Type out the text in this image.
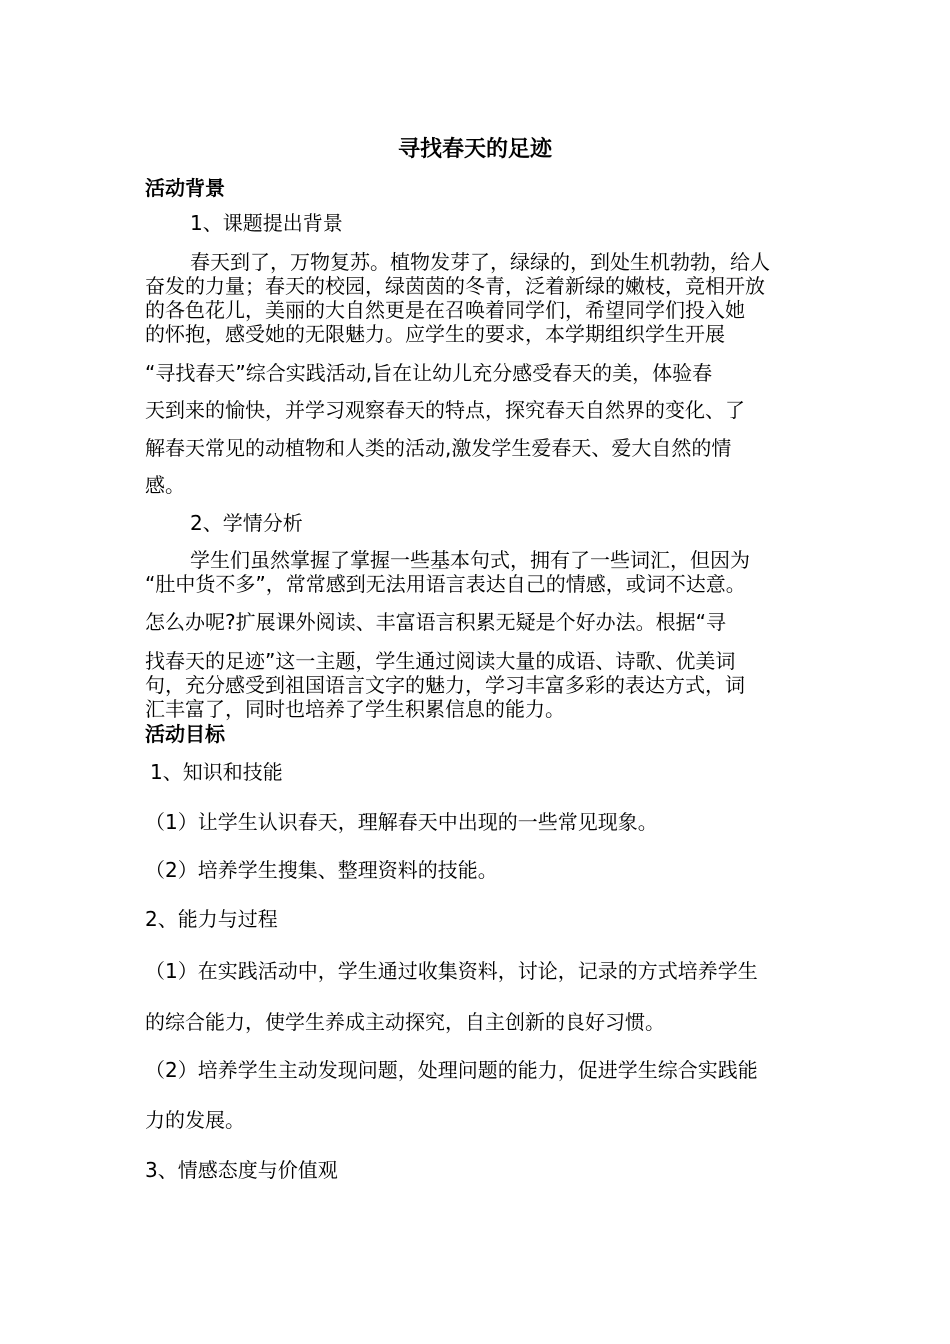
寻找春天的足迹
活动背景
1、课题提出背景
春天到了，万物复苏。植物发芽了，绿绿的，到处生机勃勃，给人
奋发的力量；春天的校园，绿茵茵的冬青，泛着新绿的嫩枝，竞相开放
的各色花儿，美丽的大自然更是在召唤着同学们，希望同学们投入她
的怀抱，感受她的无限魅力。应学生的要求，本学期组织学生开展
“寻找春天”综合实践活动,旨在让幼儿充分感受春天的美，体验春
天到来的愉快，并学习观察春天的特点，探究春天自然界的变化、了
解春天常见的动植物和人类的活动,激发学生爱春天、爱大自然的情
感。
2、学情分析
学生们虽然掌握了掌握一些基本句式，拥有了一些词汇，但因为
“肚中货不多”，常常感到无法用语言表达自己的情感，或词不达意。
怎么办呢?扩展课外阅读、丰富语言积累无疑是个好办法。根据“寻
找春天的足迹”这一主题，学生通过阅读大量的成语、诗歌、优美词
句，充分感受到祖国语言文字的魅力，学习丰富多彩的表达方式，词
汇丰富了，同时也培养了学生积累信息的能力。
活动目标
1、知识和技能
（1）让学生认识春天，理解春天中出现的一些常见现象。
（2）培养学生搜集、整理资料的技能。
2、能力与过程
（1）在实践活动中，学生通过收集资料，讨论，记录的方式培养学生
的综合能力，使学生养成主动探究，自主创新的良好习惯。
（2）培养学生主动发现问题，处理问题的能力，促进学生综合实践能
力的发展。
3、情感态度与价值观
